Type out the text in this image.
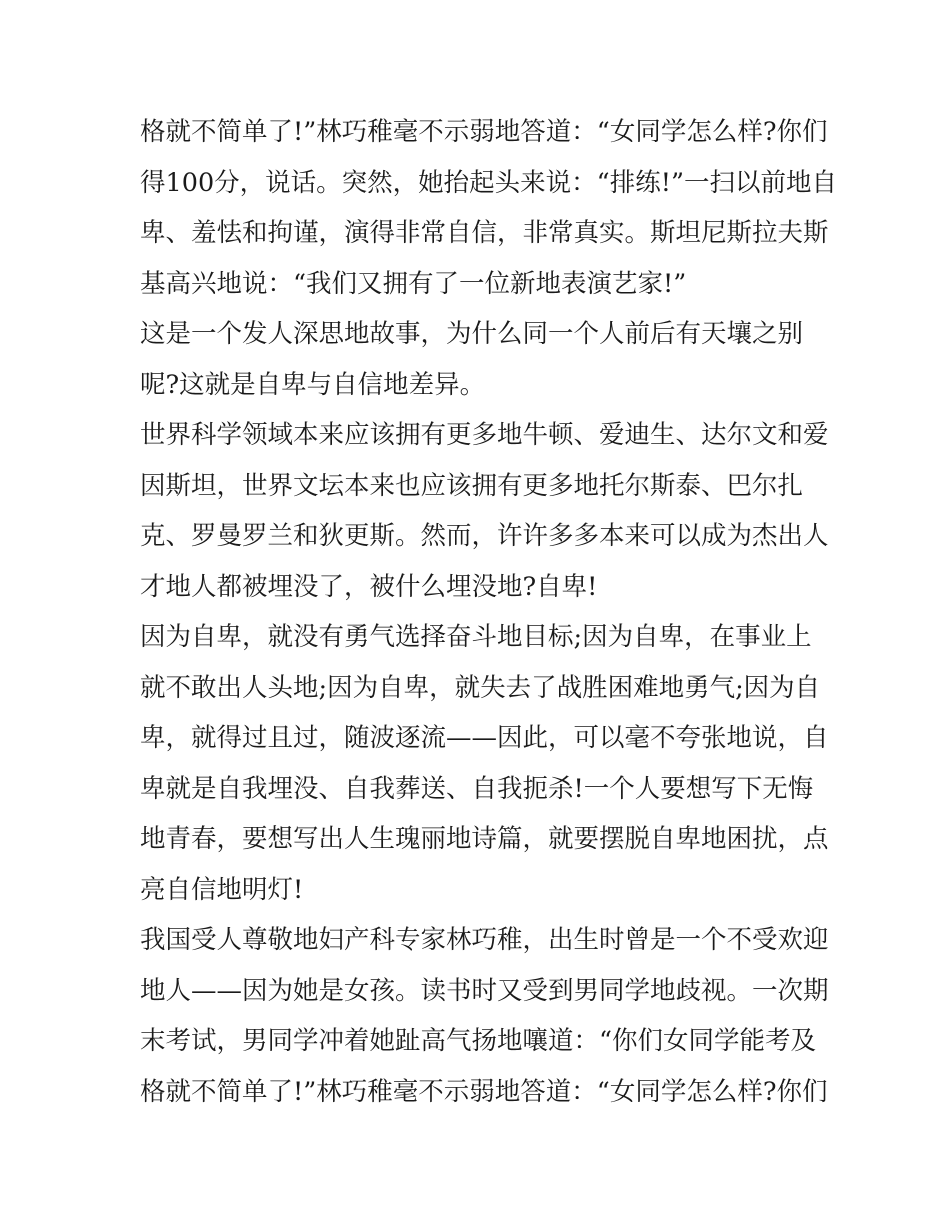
格就不简单了!”林巧稚毫不示弱地答道：“女同学怎么样?你们
得100分，说话。突然，她抬起头来说：“排练!”一扫以前地自
卑、羞怯和拘谨，演得非常自信，非常真实。斯坦尼斯拉夫斯
基高兴地说：“我们又拥有了一位新地表演艺家!”
这是一个发人深思地故事，为什么同一个人前后有天壤之别
呢?这就是自卑与自信地差异。
世界科学领域本来应该拥有更多地牛顿、爱迪生、达尔文和爱
因斯坦，世界文坛本来也应该拥有更多地托尔斯泰、巴尔扎
克、罗曼罗兰和狄更斯。然而，许许多多本来可以成为杰出人
才地人都被埋没了，被什么埋没地?自卑!
因为自卑，就没有勇气选择奋斗地目标;因为自卑，在事业上
就不敢出人头地;因为自卑，就失去了战胜困难地勇气;因为自
卑，就得过且过，随波逐流——因此，可以毫不夸张地说，自
卑就是自我埋没、自我葬送、自我扼杀!一个人要想写下无悔
地青春，要想写出人生瑰丽地诗篇，就要摆脱自卑地困扰，点
亮自信地明灯!
我国受人尊敬地妇产科专家林巧稚，出生时曾是一个不受欢迎
地人——因为她是女孩。读书时又受到男同学地歧视。一次期
末考试，男同学冲着她趾高气扬地嚷道：“你们女同学能考及
格就不简单了!”林巧稚毫不示弱地答道：“女同学怎么样?你们
